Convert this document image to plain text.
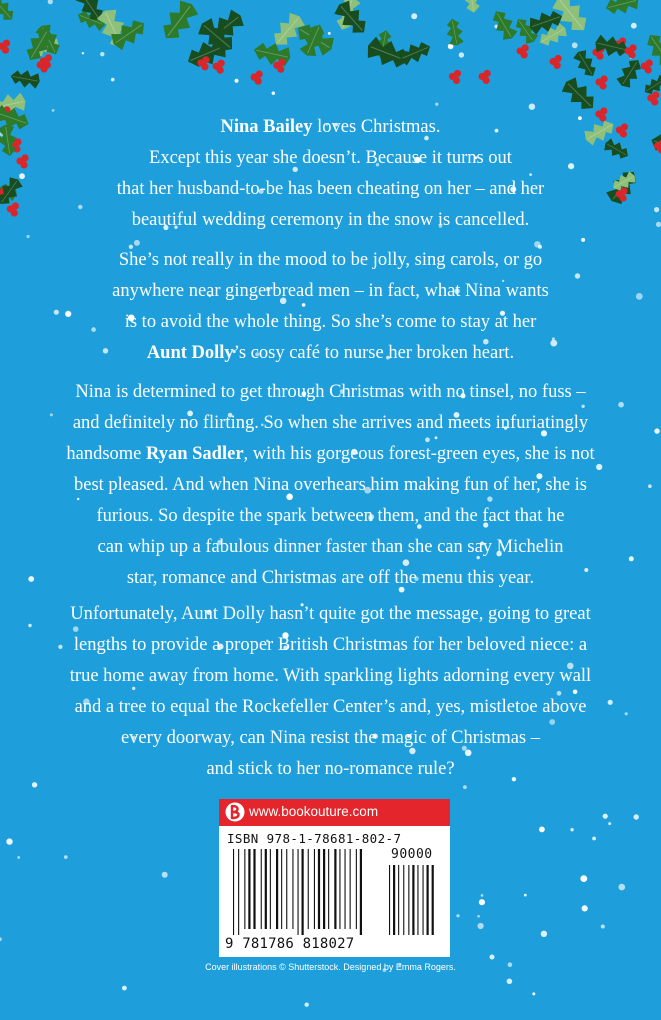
Nina Bailey loves Christmas.
Except this year she doesn’t. Because it turns out
that her husband-to-be has been cheating on her – and her
beautiful wedding ceremony in the snow is cancelled.

She’s not really in the mood to be jolly, sing carols, or go
anywhere near gingerbread men – in fact, what Nina wants
is to avoid the whole thing. So she’s come to stay at her
Aunt Dolly’s cosy café to nurse her broken heart.

Nina is determined to get through Christmas with no tinsel, no fuss –
and definitely no flirting. So when she arrives and meets infuriatingly
handsome Ryan Sadler, with his gorgeous forest-green eyes, she is not
best pleased. And when Nina overhears him making fun of her, she is
furious. So despite the spark between them, and the fact that he
can whip up a fabulous dinner faster than she can say Michelin
star, romance and Christmas are off the menu this year.

Unfortunately, Aunt Dolly hasn’t quite got the message, going to great
lengths to provide a proper British Christmas for her beloved niece: a
true home away from home. With sparkling lights adorning every wall
and a tree to equal the Rockefeller Center’s and, yes, mistletoe above
every doorway, can Nina resist the magic of Christmas –
and stick to her no-romance rule?

www.bookouture.com
ISBN 978-1-78681-802-7
90000
9 781786 818027

Cover illustrations © Shutterstock. Designed by Emma Rogers.
